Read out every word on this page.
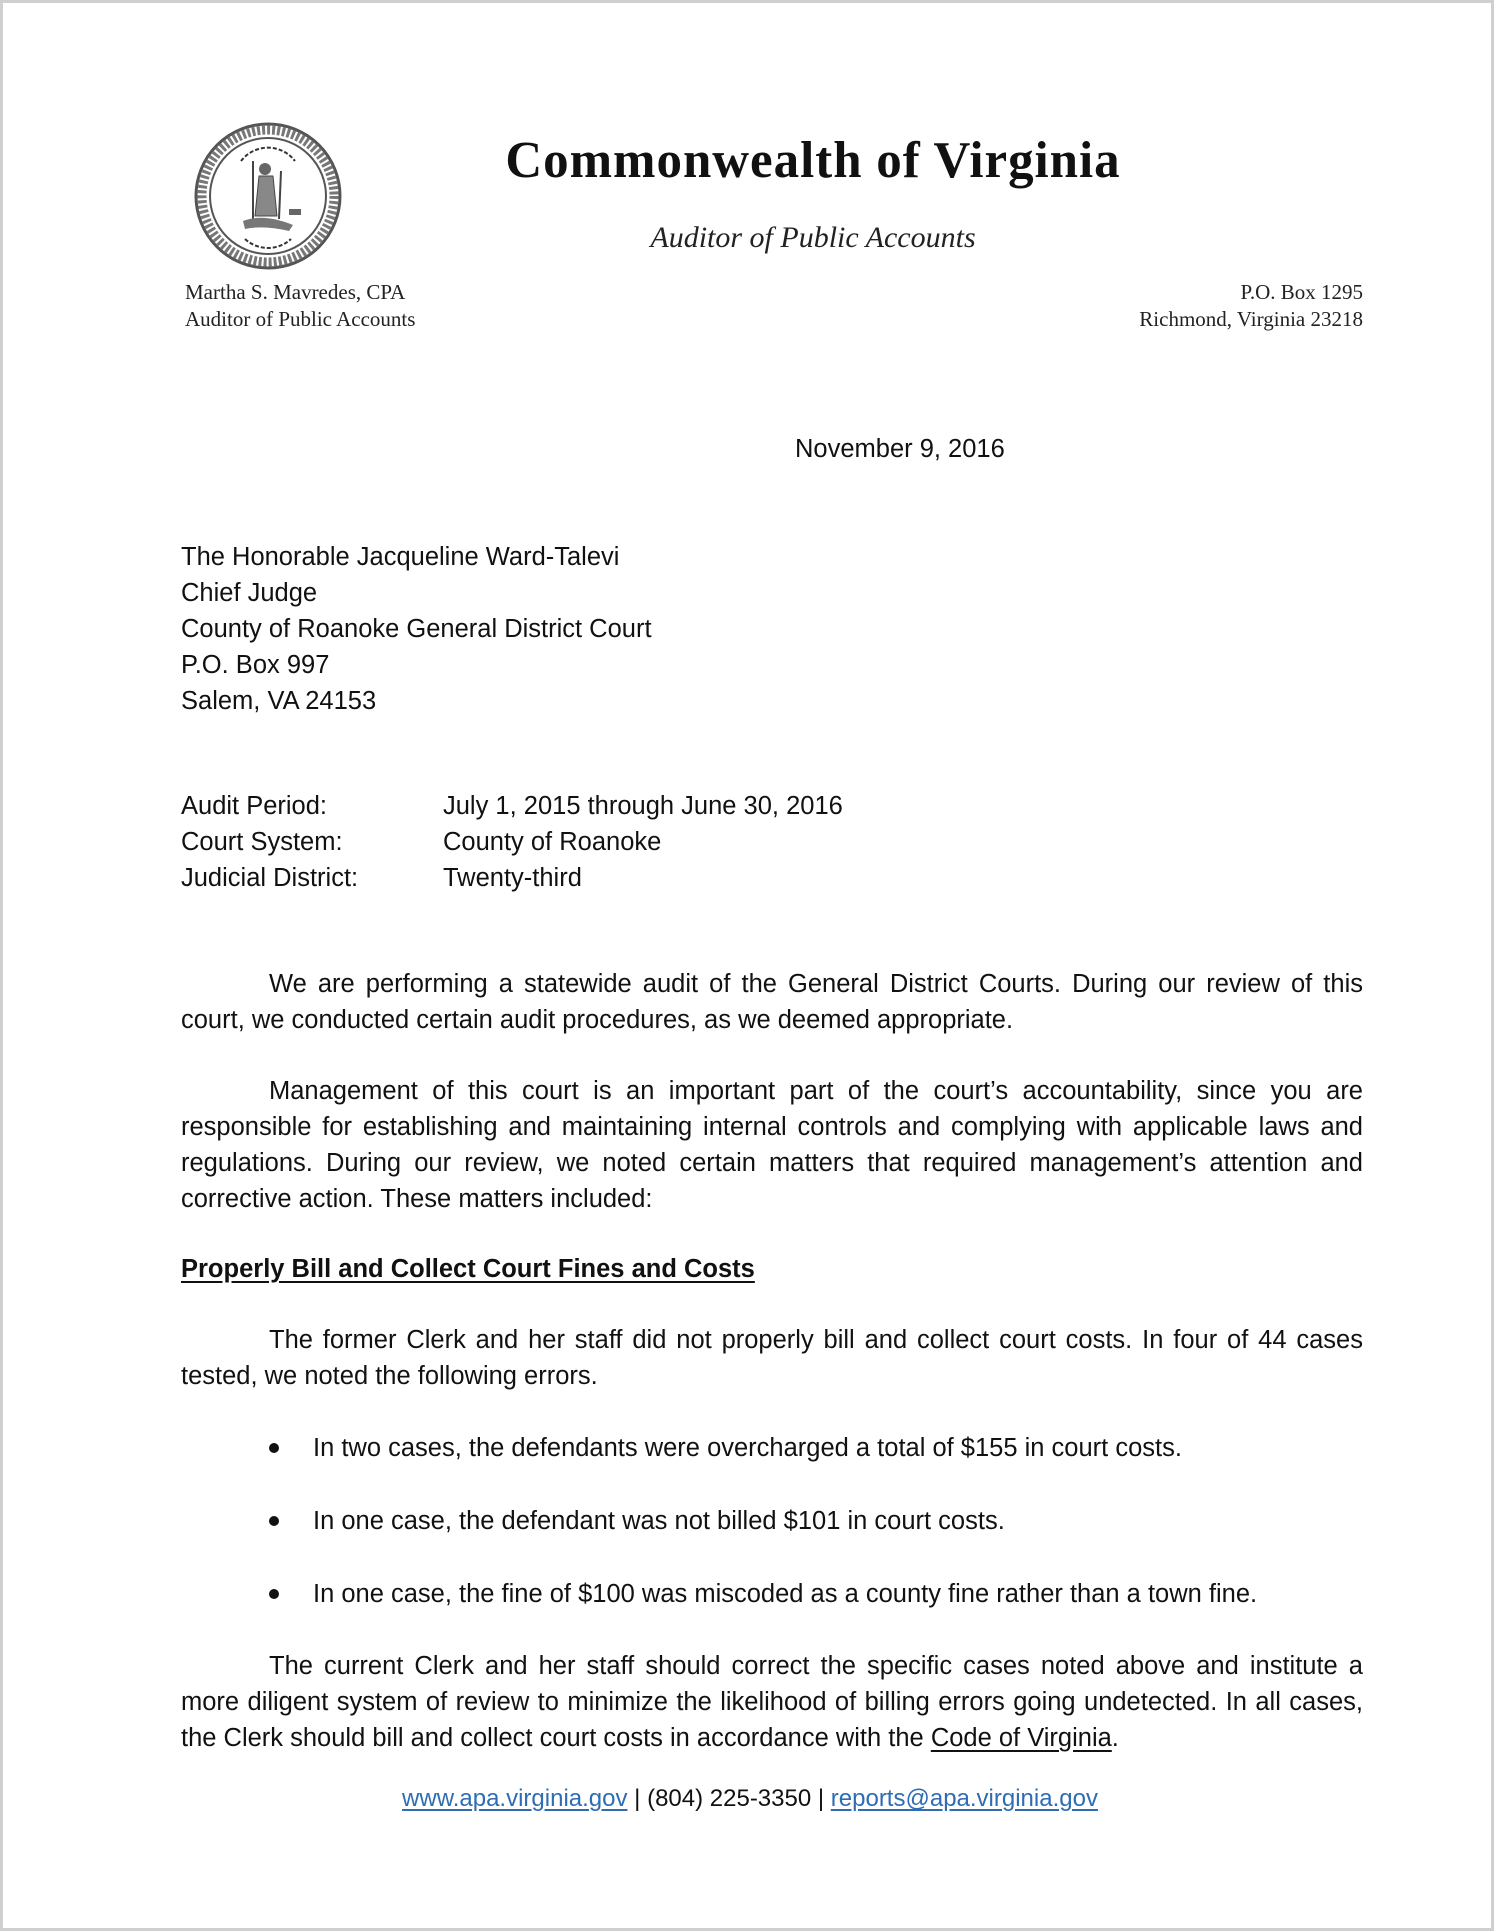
Commonwealth of Virginia
Auditor of Public Accounts
Martha S. Mavredes, CPA
Auditor of Public Accounts
P.O. Box 1295
Richmond, Virginia 23218
November 9, 2016
The Honorable Jacqueline Ward-Talevi
Chief Judge
County of Roanoke General District Court
P.O. Box 997
Salem, VA 24153
Audit Period:	July 1, 2015 through June 30, 2016
Court System:	County of Roanoke
Judicial District:	Twenty-third
We are performing a statewide audit of the General District Courts. During our review of this court, we conducted certain audit procedures, as we deemed appropriate.
Management of this court is an important part of the court’s accountability, since you are responsible for establishing and maintaining internal controls and complying with applicable laws and regulations. During our review, we noted certain matters that required management’s attention and corrective action. These matters included:
Properly Bill and Collect Court Fines and Costs
The former Clerk and her staff did not properly bill and collect court costs. In four of 44 cases tested, we noted the following errors.
In two cases, the defendants were overcharged a total of $155 in court costs.
In one case, the defendant was not billed $101 in court costs.
In one case, the fine of $100 was miscoded as a county fine rather than a town fine.
The current Clerk and her staff should correct the specific cases noted above and institute a more diligent system of review to minimize the likelihood of billing errors going undetected. In all cases, the Clerk should bill and collect court costs in accordance with the Code of Virginia.
www.apa.virginia.gov | (804) 225-3350 | reports@apa.virginia.gov
